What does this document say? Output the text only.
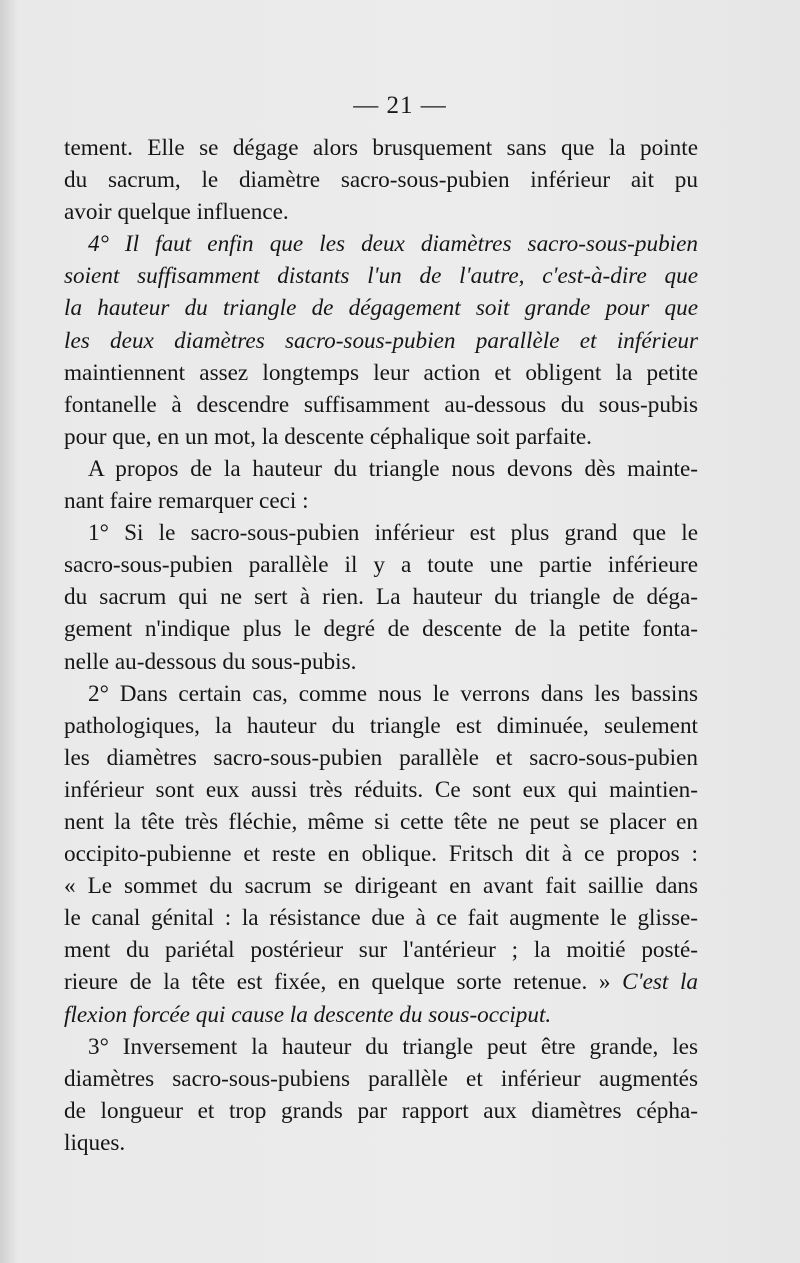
— 21 —
tement. Elle se dégage alors brusquement sans que la pointe
du sacrum, le diamètre sacro-sous-pubien inférieur ait pu
avoir quelque influence.
4° Il faut enfin que les deux diamètres sacro-sous-pubien
soient suffisamment distants l'un de l'autre, c'est-à-dire que
la hauteur du triangle de dégagement soit grande pour que
les deux diamètres sacro-sous-pubien parallèle et inférieur
maintiennent assez longtemps leur action et obligent la petite
fontanelle à descendre suffisamment au-dessous du sous-pubis
pour que, en un mot, la descente céphalique soit parfaite.
A propos de la hauteur du triangle nous devons dès mainte-
nant faire remarquer ceci :
1° Si le sacro-sous-pubien inférieur est plus grand que le
sacro-sous-pubien parallèle il y a toute une partie inférieure
du sacrum qui ne sert à rien. La hauteur du triangle de déga-
gement n'indique plus le degré de descente de la petite fonta-
nelle au-dessous du sous-pubis.
2° Dans certain cas, comme nous le verrons dans les bassins
pathologiques, la hauteur du triangle est diminuée, seulement
les diamètres sacro-sous-pubien parallèle et sacro-sous-pubien
inférieur sont eux aussi très réduits. Ce sont eux qui maintien-
nent la tête très fléchie, même si cette tête ne peut se placer en
occipito-pubienne et reste en oblique. Fritsch dit à ce propos :
« Le sommet du sacrum se dirigeant en avant fait saillie dans
le canal génital : la résistance due à ce fait augmente le glisse-
ment du pariétal postérieur sur l'antérieur ; la moitié posté-
rieure de la tête est fixée, en quelque sorte retenue. » C'est la
flexion forcée qui cause la descente du sous-occiput.
3° Inversement la hauteur du triangle peut être grande, les
diamètres sacro-sous-pubiens parallèle et inférieur augmentés
de longueur et trop grands par rapport aux diamètres cépha-
liques.
